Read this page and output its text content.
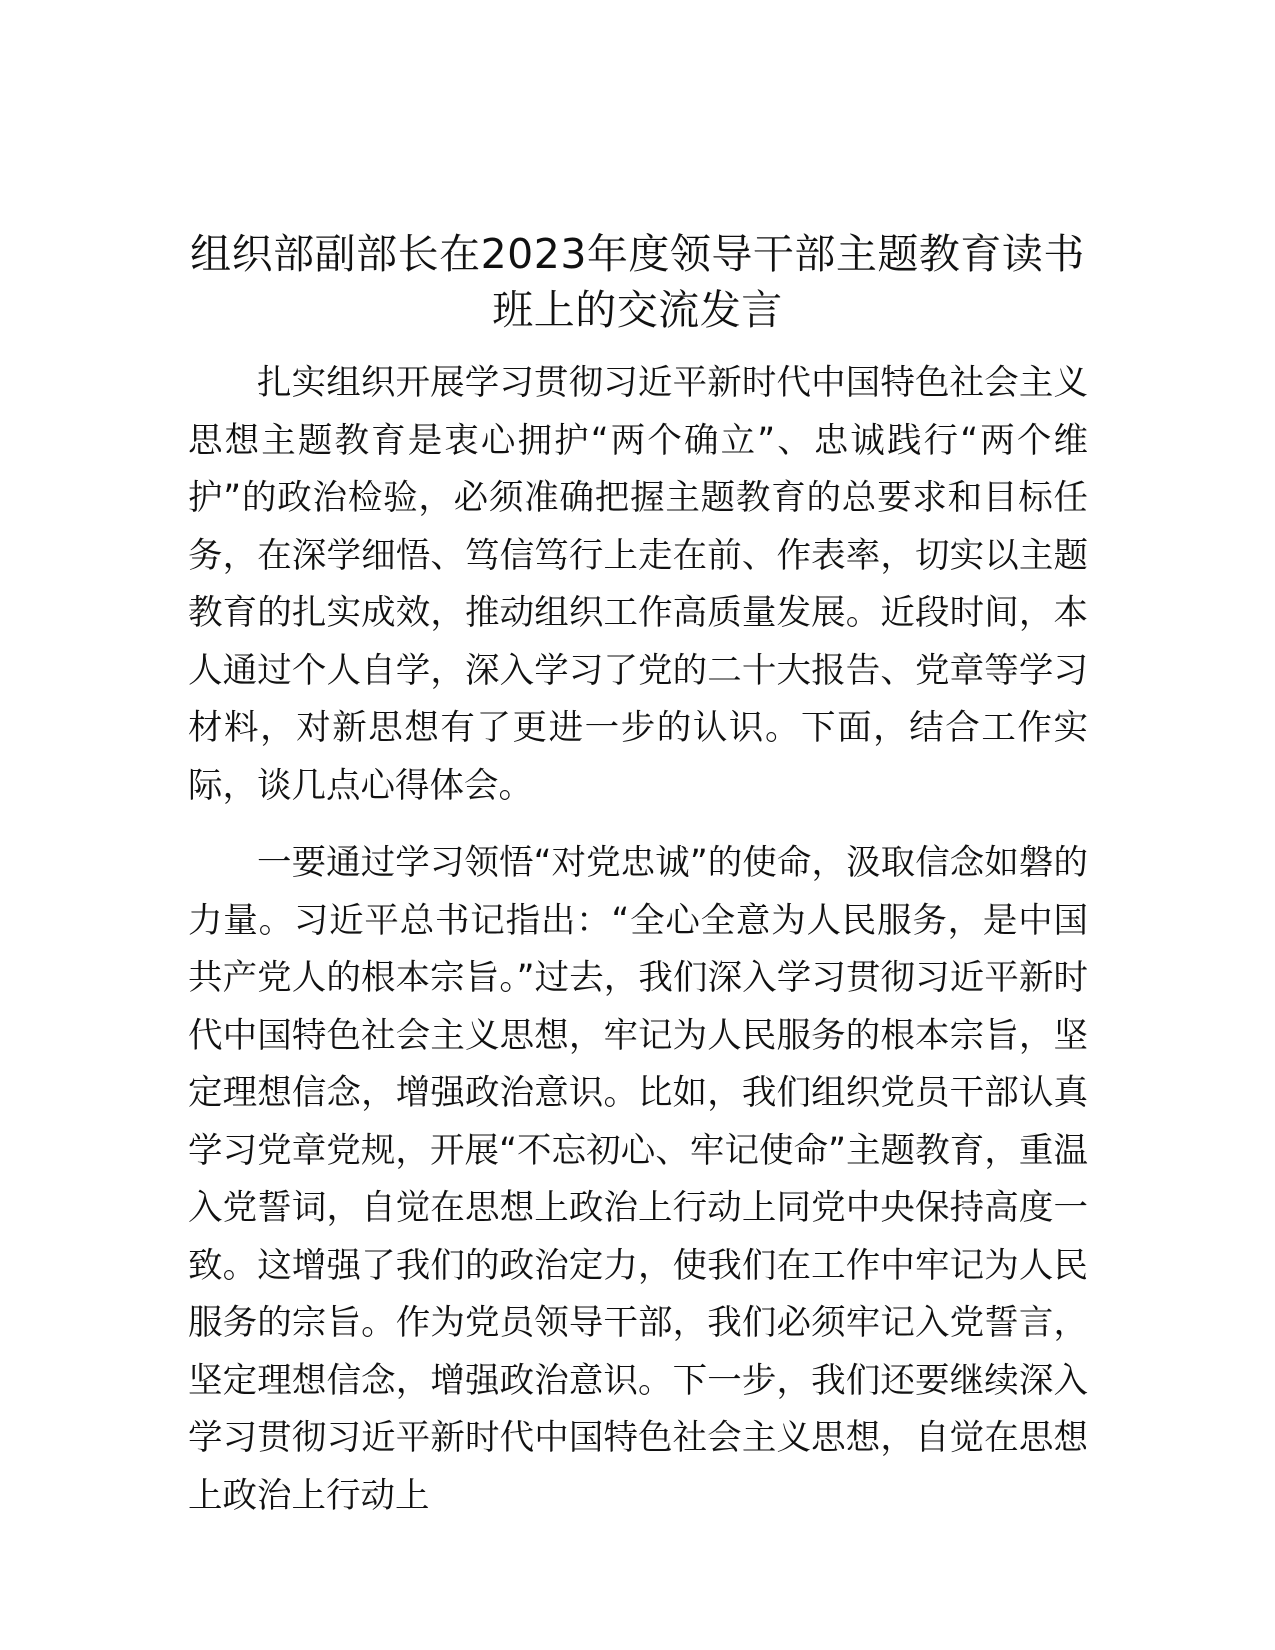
组织部副部长在2023年度领导干部主题教育读书班上的交流发言

扎实组织开展学习贯彻习近平新时代中国特色社会主义思想主题教育是衷心拥护“两个确立”、忠诚践行“两个维护”的政治检验，必须准确把握主题教育的总要求和目标任务，在深学细悟、笃信笃行上走在前、作表率，切实以主题教育的扎实成效，推动组织工作高质量发展。近段时间，本人通过个人自学，深入学习了党的二十大报告、党章等学习材料，对新思想有了更进一步的认识。下面，结合工作实际，谈几点心得体会。

一要通过学习领悟“对党忠诚”的使命，汲取信念如磐的力量。习近平总书记指出：“全心全意为人民服务，是中国共产党人的根本宗旨。”过去，我们深入学习贯彻习近平新时代中国特色社会主义思想，牢记为人民服务的根本宗旨，坚定理想信念，增强政治意识。比如，我们组织党员干部认真学习党章党规，开展“不忘初心、牢记使命”主题教育，重温入党誓词，自觉在思想上政治上行动上同党中央保持高度一致。这增强了我们的政治定力，使我们在工作中牢记为人民服务的宗旨。作为党员领导干部，我们必须牢记入党誓言，坚定理想信念，增强政治意识。下一步，我们还要继续深入学习贯彻习近平新时代中国特色社会主义思想，自觉在思想上政治上行动上
